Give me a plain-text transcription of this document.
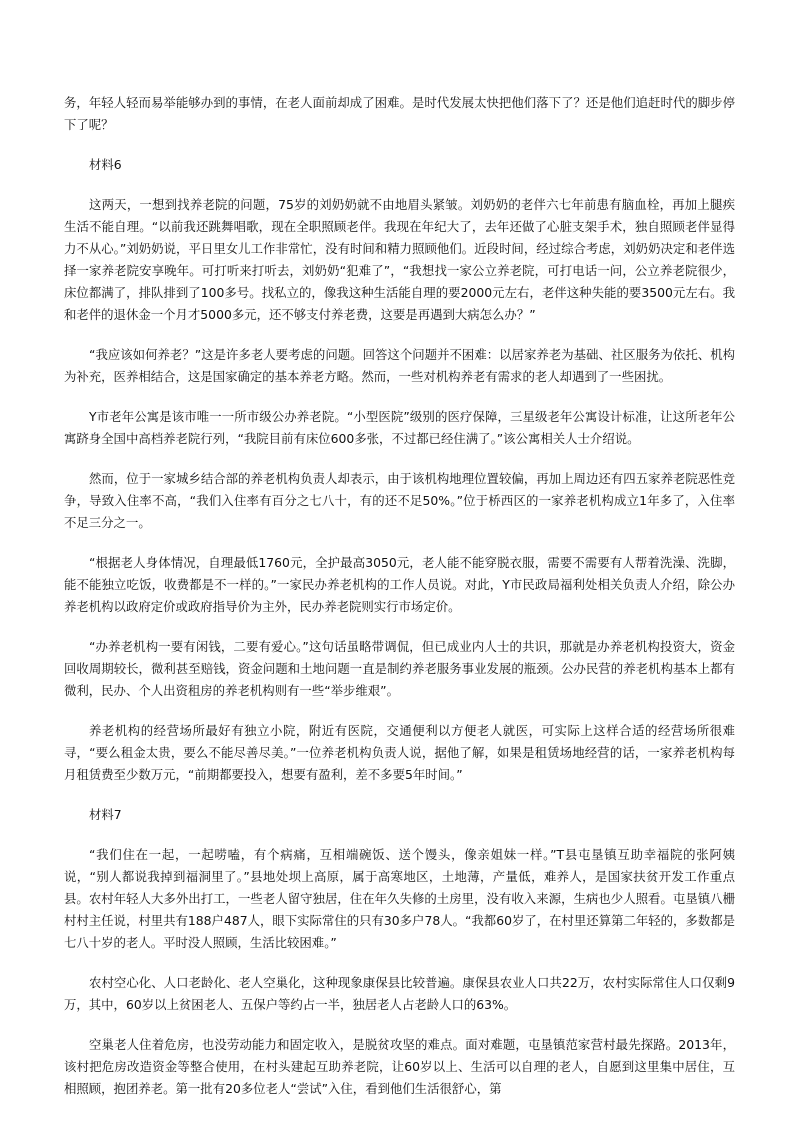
务，年轻人轻而易举能够办到的事情，在老人面前却成了困难。是时代发展太快把他们落下了？还是他们追赶时代的脚步停下了呢？

材料6

这两天，一想到找养老院的问题，75岁的刘奶奶就不由地眉头紧皱。刘奶奶的老伴六七年前患有脑血栓，再加上腿疾生活不能自理。“以前我还跳舞唱歌，现在全职照顾老伴。我现在年纪大了，去年还做了心脏支架手术，独自照顾老伴显得力不从心。”刘奶奶说，平日里女儿工作非常忙，没有时间和精力照顾他们。近段时间，经过综合考虑，刘奶奶决定和老伴选择一家养老院安享晚年。可打听来打听去，刘奶奶“犯难了”，“我想找一家公立养老院，可打电话一问，公立养老院很少，床位都满了，排队排到了100多号。找私立的，像我这种生活能自理的要2000元左右，老伴这种失能的要3500元左右。我和老伴的退休金一个月才5000多元，还不够支付养老费，这要是再遇到大病怎么办？”

“我应该如何养老？”这是许多老人要考虑的问题。回答这个问题并不困难：以居家养老为基础、社区服务为依托、机构为补充，医养相结合，这是国家确定的基本养老方略。然而，一些对机构养老有需求的老人却遇到了一些困扰。

Y市老年公寓是该市唯一一所市级公办养老院。“小型医院”级别的医疗保障，三星级老年公寓设计标准，让这所老年公寓跻身全国中高档养老院行列，“我院目前有床位600多张，不过都已经住满了。”该公寓相关人士介绍说。

然而，位于一家城乡结合部的养老机构负责人却表示，由于该机构地理位置较偏，再加上周边还有四五家养老院恶性竞争，导致入住率不高，“我们入住率有百分之七八十，有的还不足50%。”位于桥西区的一家养老机构成立1年多了，入住率不足三分之一。

“根据老人身体情况，自理最低1760元，全护最高3050元，老人能不能穿脱衣服，需要不需要有人帮着洗澡、洗脚，能不能独立吃饭，收费都是不一样的。”一家民办养老机构的工作人员说。对此，Y市民政局福利处相关负责人介绍，除公办养老机构以政府定价或政府指导价为主外，民办养老院则实行市场定价。

“办养老机构一要有闲钱，二要有爱心。”这句话虽略带调侃，但已成业内人士的共识，那就是办养老机构投资大，资金回收周期较长，微利甚至赔钱，资金问题和土地问题一直是制约养老服务事业发展的瓶颈。公办民营的养老机构基本上都有微利，民办、个人出资租房的养老机构则有一些“举步维艰”。

养老机构的经营场所最好有独立小院，附近有医院，交通便利以方便老人就医，可实际上这样合适的经营场所很难寻，“要么租金太贵，要么不能尽善尽美。”一位养老机构负责人说，据他了解，如果是租赁场地经营的话，一家养老机构每月租赁费至少数万元，“前期都要投入，想要有盈利，差不多要5年时间。”

材料7

“我们住在一起，一起唠嗑，有个病痛，互相端碗饭、送个馒头，像亲姐妹一样。”T县屯垦镇互助幸福院的张阿姨说，“别人都说我掉到福洞里了。”县地处坝上高原，属于高寒地区，土地薄，产量低，难养人，是国家扶贫开发工作重点县。农村年轻人大多外出打工，一些老人留守独居，住在年久失修的土房里，没有收入来源，生病也少人照看。屯垦镇八栅村村主任说，村里共有188户487人，眼下实际常住的只有30多户78人。“我都60岁了，在村里还算第二年轻的，多数都是七八十岁的老人。平时没人照顾，生活比较困难。”

农村空心化、人口老龄化、老人空巢化，这种现象康保县比较普遍。康保县农业人口共22万，农村实际常住人口仅剩9万，其中，60岁以上贫困老人、五保户等约占一半，独居老人占老龄人口的63%。

空巢老人住着危房，也没劳动能力和固定收入，是脱贫攻坚的难点。面对难题，屯垦镇范家营村最先探路。2013年，该村把危房改造资金等整合使用，在村头建起互助养老院，让60岁以上、生活可以自理的老人，自愿到这里集中居住，互相照顾，抱团养老。第一批有20多位老人“尝试”入住，看到他们生活很舒心，第
